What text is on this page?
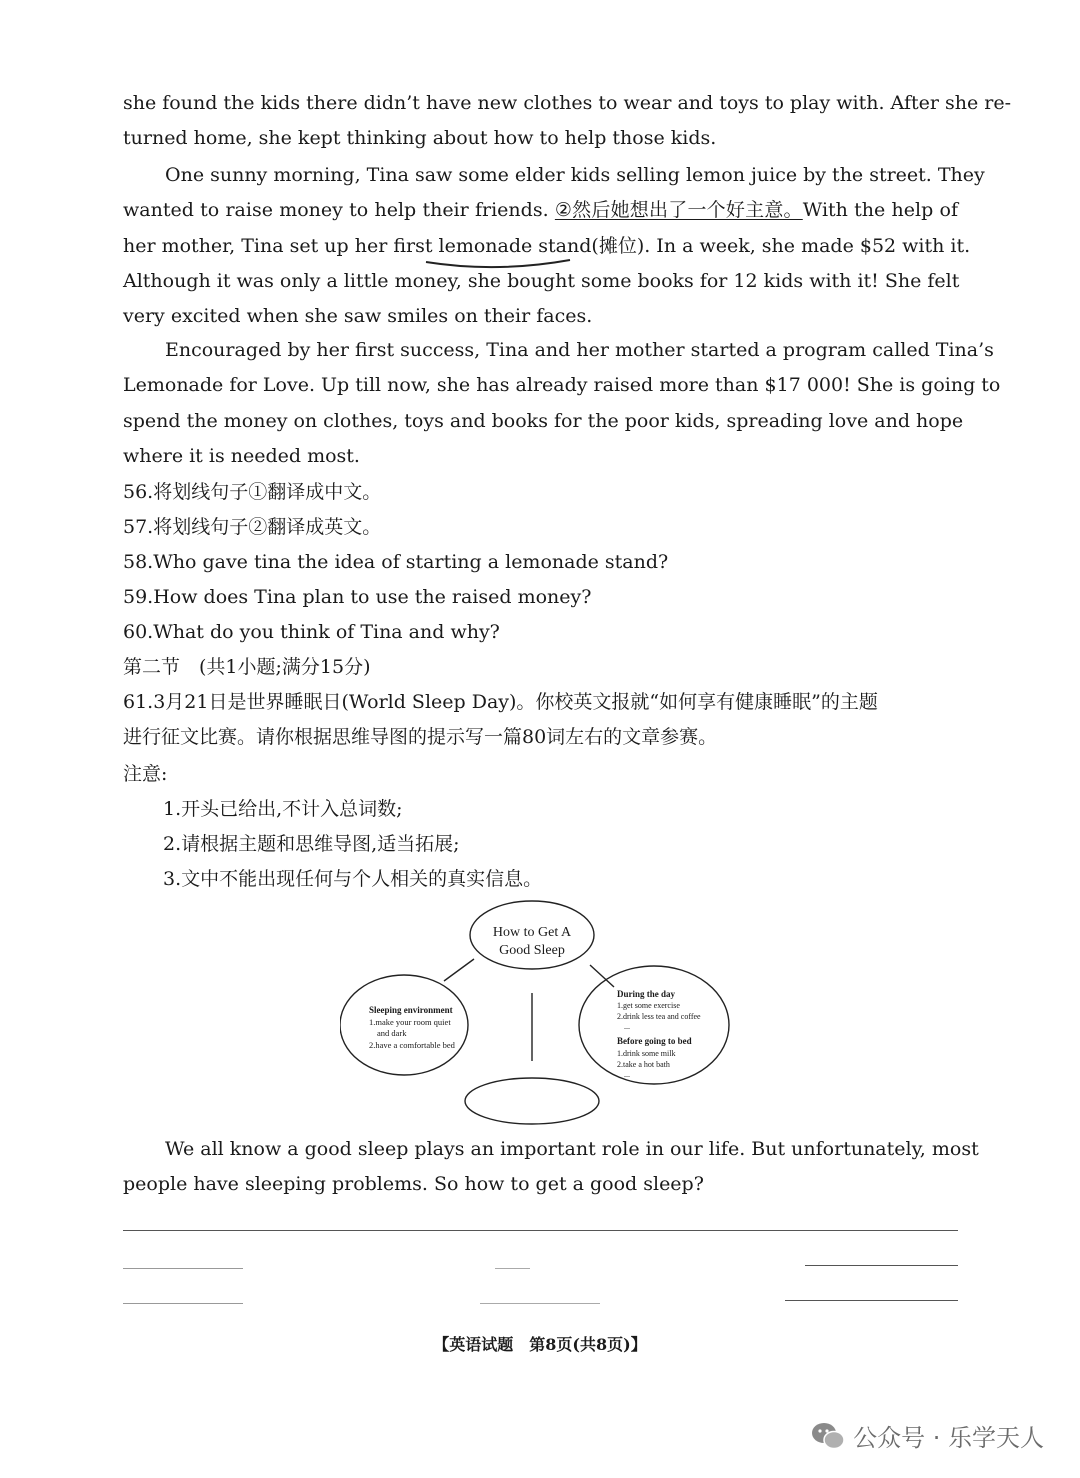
she found the kids there didn’t have new clothes to wear and toys to play with. After she re-
turned home, she kept thinking about how to help those kids.
One sunny morning, Tina saw some elder kids selling lemon juice by the street. They
wanted to raise money to help their friends. ②然后她想出了一个好主意。With the help of
her mother, Tina set up her first lemonade stand(摊位). In a week, she made $52 with it.
Although it was only a little money, she bought some books for 12 kids with it! She felt
very excited when she saw smiles on their faces.
Encouraged by her first success, Tina and her mother started a program called Tina’s
Lemonade for Love. Up till now, she has already raised more than $17 000! She is going to
spend the money on clothes, toys and books for the poor kids, spreading love and hope
where it is needed most.
56.将划线句子①翻译成中文。
57.将划线句子②翻译成英文。
58.Who gave tina the idea of starting a lemonade stand?
59.How does Tina plan to use the raised money?
60.What do you think of Tina and why?
第二节　(共1小题;满分15分)
61.3月21日是世界睡眠日(World Sleep Day)。你校英文报就“如何享有健康睡眠”的主题
进行征文比赛。请你根据思维导图的提示写一篇80词左右的文章参赛。
注意:
1.开头已给出,不计入总词数;
2.请根据主题和思维导图,适当拓展;
3.文中不能出现任何与个人相关的真实信息。
How to Get A
Good Sleep
Sleeping environment
1.make your room quiet
and dark
2.have a comfortable bed
During the day
1.get some exercise
2.drink less tea and coffee
...
Before going to bed
1.drink some milk
2.take a hot bath
...
We all know a good sleep plays an important role in our life. But unfortunately, most
people have sleeping problems. So how to get a good sleep?
【英语试题　第8页(共8页)】
公众号 · 乐学天人
